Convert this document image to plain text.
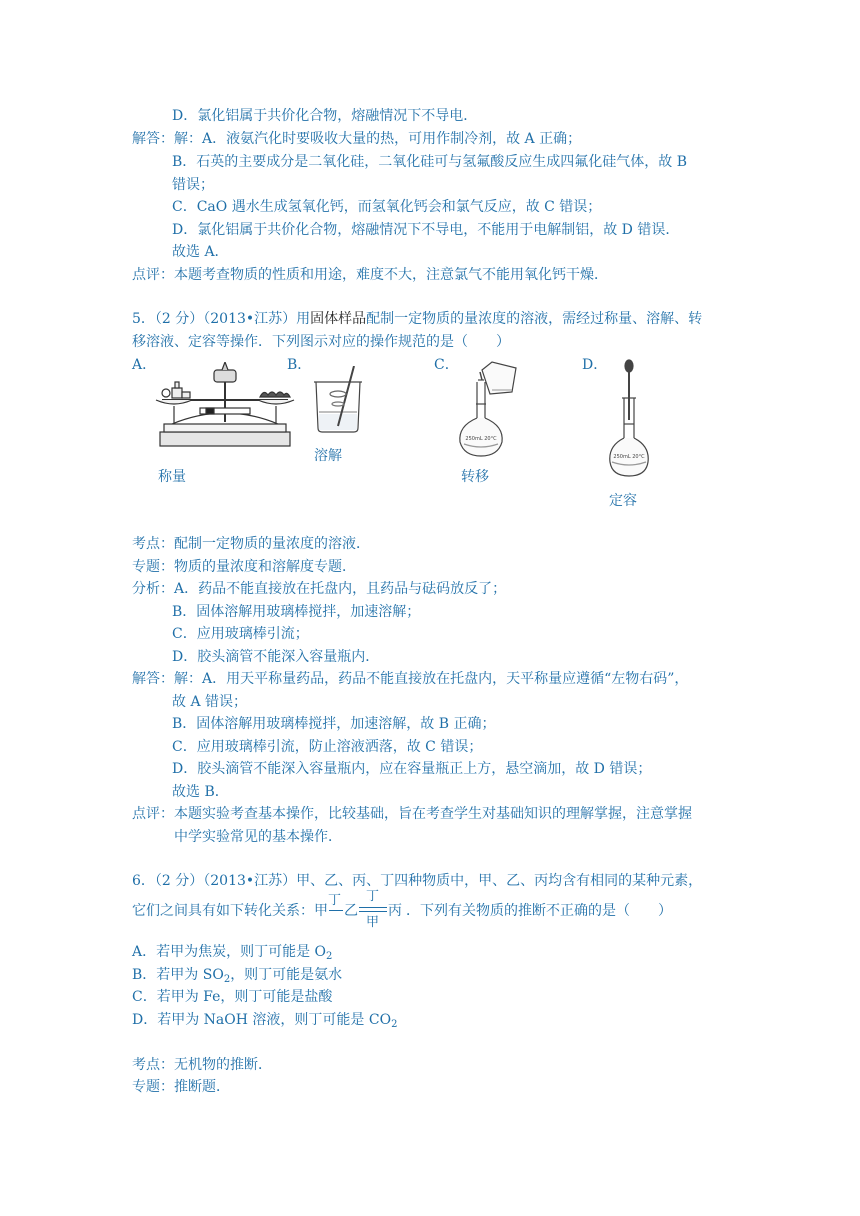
D．氯化铝属于共价化合物，熔融情况下不导电．
解答： 解：A．液氨汽化时要吸收大量的热，可用作制冷剂，故 A 正确；
B．石英的主要成分是二氧化硅，二氧化硅可与氢氟酸反应生成四氟化硅气体，故 B
错误；
C．CaO 遇水生成氢氧化钙，而氢氧化钙会和氯气反应，故 C 错误；
D．氯化铝属于共价化合物，熔融情况下不导电，不能用于电解制铝，故 D 错误．
故选 A．
点评：本题考查物质的性质和用途，难度不大，注意氯气不能用氧化钙干燥．
5．（2 分）（2013•江苏）用固体样品配制一定物质的量浓度的溶液，需经过称量、溶解、转
移溶液、定容等操作．下列图示对应的操作规范的是（　　）
A．	B．	C．	D．
称量
溶解
250mL 20°C
转移
250mL 20°C
定容
考点：配制一定物质的量浓度的溶液．
专题：物质的量浓度和溶解度专题．
分析： A．药品不能直接放在托盘内，且药品与砝码放反了；
B．固体溶解用玻璃棒搅拌，加速溶解；
C．应用玻璃棒引流；
D．胶头滴管不能深入容量瓶内．
解答： 解：A．用天平称量药品，药品不能直接放在托盘内，天平称量应遵循“左物右码”，
故 A 错误；
B．固体溶解用玻璃棒搅拌，加速溶解，故 B 正确；
C．应用玻璃棒引流，防止溶液洒落，故 C 错误；
D．胶头滴管不能深入容量瓶内，应在容量瓶正上方，悬空滴加，故 D 错误；
故选 B．
点评：本题实验考查基本操作，比较基础，旨在考查学生对基础知识的理解掌握，注意掌握
中学实验常见的基本操作．
6．（2 分）（2013•江苏）甲、乙、丙、丁四种物质中，甲、乙、丙均含有相同的某种元素，
它们之间具有如下转化关系： 甲
丁
乙
丁
甲
丙 ．下列有关物质的推断不正确的是（　　）
A．若甲为焦炭，则丁可能是 $O_2$
B．若甲为 $SO_2$，则丁可能是氨水
C．若甲为 Fe，则丁可能是盐酸
D．若甲为 NaOH 溶液，则丁可能是 $CO_2$
考点：无机物的推断．
专题：推断题．
